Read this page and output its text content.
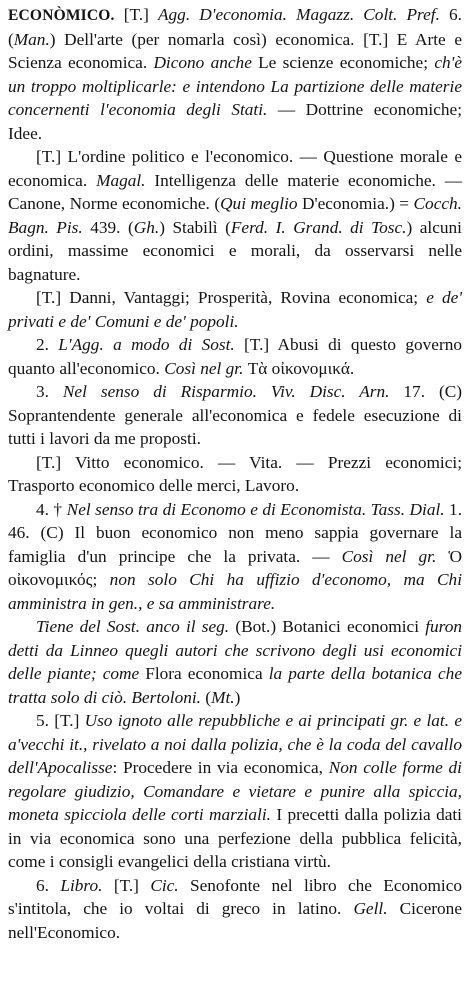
ECONÒMICO. [T.] Agg. D'economia. Magazz. Colt. Pref. 6. (Man.) Dell'arte (per nomarla così) economica. [T.] E Arte e Scienza economica. Dicono anche Le scienze economiche; ch'è un troppo moltiplicarle: e intendono La partizione delle materie concernenti l'economia degli Stati. — Dottrine economiche; Idee.

[T.] L'ordine politico e l'economico. — Questione morale e economica. Magal. Intelligenza delle materie economiche. — Canone, Norme economiche. (Qui meglio D'economia.) = Cocch. Bagn. Pis. 439. (Gh.) Stabilì (Ferd. I. Grand. di Tosc.) alcuni ordini, massime economici e morali, da osservarsi nelle bagnature.

[T.] Danni, Vantaggi; Prosperità, Rovina economica; e de' privati e de' Comuni e de' popoli.

2. L'Agg. a modo di Sost. [T.] Abusi di questo governo quanto all'economico. Così nel gr. Τὰ οἰκονομικά.

3. Nel senso di Risparmio. Viv. Disc. Arn. 17. (C) Soprantendente generale all'economica e fedele esecuzione di tutti i lavori da me proposti.

[T.] Vitto economico. — Vita. — Prezzi economici; Trasporto economico delle merci, Lavoro.

4. † Nel senso tra di Economo e di Economista. Tass. Dial. 1. 46. (C) Il buon economico non meno sappia governare la famiglia d'un principe che la privata. — Così nel gr. Ὁ οἰκονομικός; non solo Chi ha uffizio d'economo, ma Chi amministra in gen., e sa amministrare.

Tiene del Sost. anco il seg. (Bot.) Botanici economici furon detti da Linneo quegli autori che scrivono degli usi economici delle piante; come Flora economica la parte della botanica che tratta solo di ciò. Bertoloni. (Mt.)

5. [T.] Uso ignoto alle repubbliche e ai principati gr. e lat. e a'vecchi it., rivelato a noi dalla polizia, che è la coda del cavallo dell'Apocalisse: Procedere in via economica, Non colle forme di regolare giudizio, Comandare e vietare e punire alla spiccia, moneta spicciola delle corti marziali. I precetti dalla polizia dati in via economica sono una perfezione della pubblica felicità, come i consigli evangelici della cristiana virtù.

6. Libro. [T.] Cic. Senofonte nel libro che Economico s'intitola, che io voltai di greco in latino. Gell. Cicerone nell'Economico.
